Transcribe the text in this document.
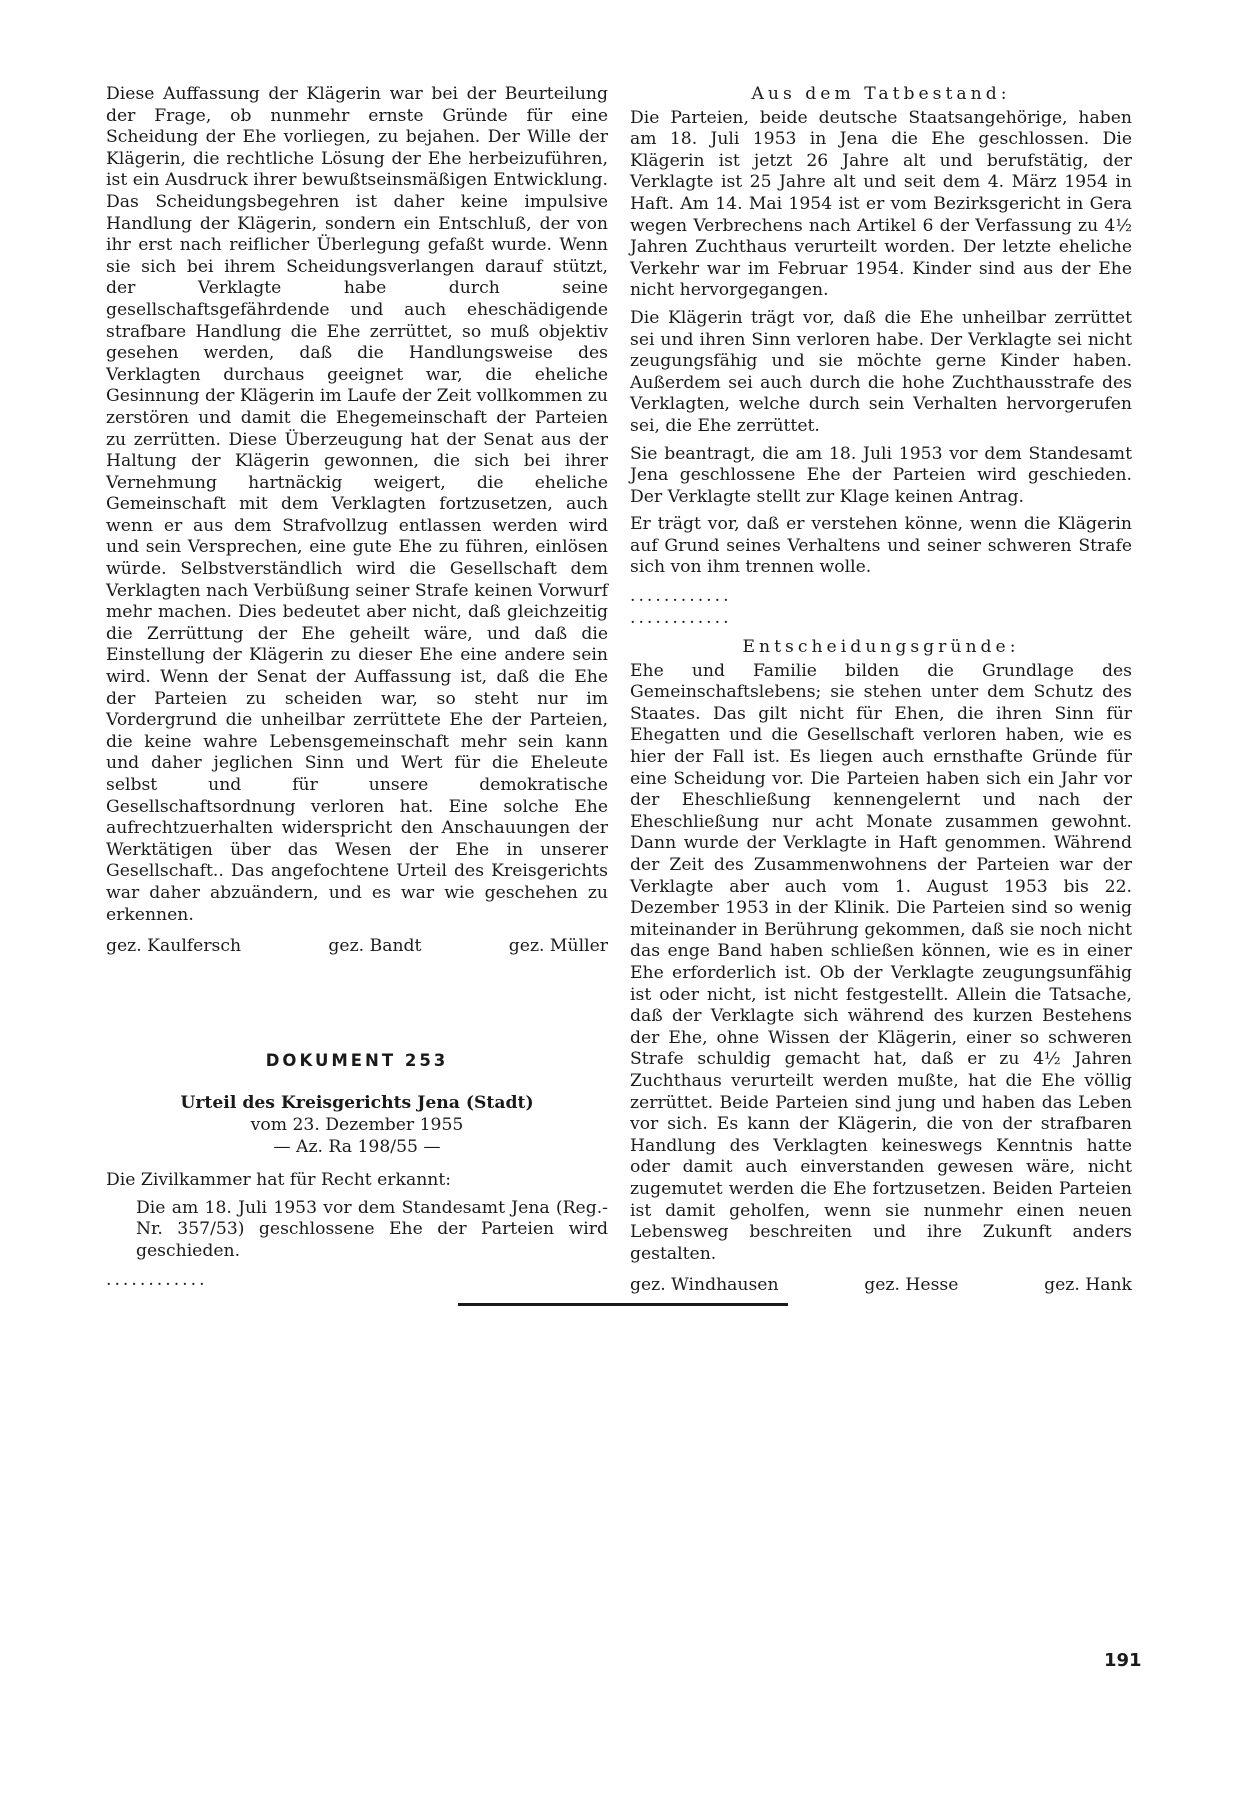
Diese Auffassung der Klägerin war bei der Beurteilung der Frage, ob nunmehr ernste Gründe für eine Scheidung der Ehe vorliegen, zu bejahen. Der Wille der Klägerin, die rechtliche Lösung der Ehe herbeizuführen, ist ein Ausdruck ihrer bewußtseinsmäßigen Entwicklung. Das Scheidungsbegehren ist daher keine impulsive Handlung der Klägerin, sondern ein Entschluß, der von ihr erst nach reiflicher Überlegung gefaßt wurde. Wenn sie sich bei ihrem Scheidungsverlangen darauf stützt, der Verklagte habe durch seine gesellschaftsgefährdende und auch eheschädigende strafbare Handlung die Ehe zerrüttet, so muß objektiv gesehen werden, daß die Handlungsweise des Verklagten durchaus geeignet war, die eheliche Gesinnung der Klägerin im Laufe der Zeit vollkommen zu zerstören und damit die Ehegemeinschaft der Parteien zu zerrütten. Diese Überzeugung hat der Senat aus der Haltung der Klägerin gewonnen, die sich bei ihrer Vernehmung hartnäckig weigert, die eheliche Gemeinschaft mit dem Verklagten fortzusetzen, auch wenn er aus dem Strafvollzug entlassen werden wird und sein Versprechen, eine gute Ehe zu führen, einlösen würde. Selbstverständlich wird die Gesellschaft dem Verklagten nach Verbüßung seiner Strafe keinen Vorwurf mehr machen. Dies bedeutet aber nicht, daß gleichzeitig die Zerrüttung der Ehe geheilt wäre, und daß die Einstellung der Klägerin zu dieser Ehe eine andere sein wird. Wenn der Senat der Auffassung ist, daß die Ehe der Parteien zu scheiden war, so steht nur im Vordergrund die unheilbar zerrüttete Ehe der Parteien, die keine wahre Lebensgemeinschaft mehr sein kann und daher jeglichen Sinn und Wert für die Eheleute selbst und für unsere demokratische Gesellschaftsordnung verloren hat. Eine solche Ehe aufrechtzuerhalten widerspricht den Anschauungen der Werktätigen über das Wesen der Ehe in unserer Gesellschaft.. Das angefochtene Urteil des Kreisgerichts war daher abzuändern, und es war wie geschehen zu erkennen.

gez. Kaulfersch	gez. Bandt	gez. Müller

DOKUMENT 253

Urteil des Kreisgerichts Jena (Stadt)

vom 23. Dezember 1955

— Az. Ra 198/55 —

Die Zivilkammer hat für Recht erkannt:

Die am 18. Juli 1953 vor dem Standesamt Jena (Reg.-Nr. 357/53) geschlossene Ehe der Parteien wird geschieden.

............

Aus dem Tatbestand:

Die Parteien, beide deutsche Staatsangehörige, haben am 18. Juli 1953 in Jena die Ehe geschlossen. Die Klägerin ist jetzt 26 Jahre alt und berufstätig, der Verklagte ist 25 Jahre alt und seit dem 4. März 1954 in Haft. Am 14. Mai 1954 ist er vom Bezirksgericht in Gera wegen Verbrechens nach Artikel 6 der Verfassung zu 4½ Jahren Zuchthaus verurteilt worden. Der letzte eheliche Verkehr war im Februar 1954. Kinder sind aus der Ehe nicht hervorgegangen.

Die Klägerin trägt vor, daß die Ehe unheilbar zerrüttet sei und ihren Sinn verloren habe. Der Verklagte sei nicht zeugungsfähig und sie möchte gerne Kinder haben. Außerdem sei auch durch die hohe Zuchthausstrafe des Verklagten, welche durch sein Verhalten hervorgerufen sei, die Ehe zerrüttet.

Sie beantragt, die am 18. Juli 1953 vor dem Standesamt Jena geschlossene Ehe der Parteien wird geschieden. Der Verklagte stellt zur Klage keinen Antrag.

Er trägt vor, daß er verstehen könne, wenn die Klägerin auf Grund seines Verhaltens und seiner schweren Strafe sich von ihm trennen wolle.

............

............

Entscheidungsgründe:

Ehe und Familie bilden die Grundlage des Gemeinschaftslebens; sie stehen unter dem Schutz des Staates. Das gilt nicht für Ehen, die ihren Sinn für Ehegatten und die Gesellschaft verloren haben, wie es hier der Fall ist. Es liegen auch ernsthafte Gründe für eine Scheidung vor. Die Parteien haben sich ein Jahr vor der Eheschließung kennengelernt und nach der Eheschließung nur acht Monate zusammen gewohnt. Dann wurde der Verklagte in Haft genommen. Während der Zeit des Zusammenwohnens der Parteien war der Verklagte aber auch vom 1. August 1953 bis 22. Dezember 1953 in der Klinik. Die Parteien sind so wenig miteinander in Berührung gekommen, daß sie noch nicht das enge Band haben schließen können, wie es in einer Ehe erforderlich ist. Ob der Verklagte zeugungsunfähig ist oder nicht, ist nicht festgestellt. Allein die Tatsache, daß der Verklagte sich während des kurzen Bestehens der Ehe, ohne Wissen der Klägerin, einer so schweren Strafe schuldig gemacht hat, daß er zu 4½ Jahren Zuchthaus verurteilt werden mußte, hat die Ehe völlig zerrüttet. Beide Parteien sind jung und haben das Leben vor sich. Es kann der Klägerin, die von der strafbaren Handlung des Verklagten keineswegs Kenntnis hatte oder damit auch einverstanden gewesen wäre, nicht zugemutet werden die Ehe fortzusetzen. Beiden Parteien ist damit geholfen, wenn sie nunmehr einen neuen Lebensweg beschreiten und ihre Zukunft anders gestalten.

gez. Windhausen	gez. Hesse	gez. Hank
191
